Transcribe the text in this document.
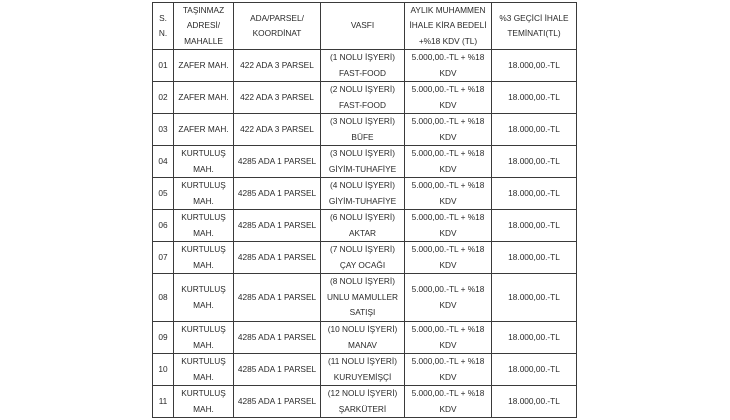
S.
N.	TAŞINMAZ
ADRESİ/
MAHALLE	ADA/PARSEL/
KOORDİNAT	VASFI	AYLIK MUHAMMEN
İHALE KİRA BEDELİ
+%18 KDV (TL)	%3 GEÇİCİ İHALE
TEMİNATI(TL)

01	ZAFER MAH.	422 ADA 3 PARSEL	(1 NOLU İŞYERİ)
FAST-FOOD	5.000,00.-TL + %18
KDV	18.000,00.-TL
02	ZAFER MAH.	422 ADA 3 PARSEL	(2 NOLU İŞYERİ)
FAST-FOOD	5.000,00.-TL + %18
KDV	18.000,00.-TL
03	ZAFER MAH.	422 ADA 3 PARSEL	(3 NOLU İŞYERİ)
BÜFE	5.000,00.-TL + %18
KDV	18.000,00.-TL
04	KURTULUŞ
MAH.	4285 ADA 1 PARSEL	(3 NOLU İŞYERİ)
GİYİM-TUHAFİYE	5.000,00.-TL + %18
KDV	18.000,00.-TL
05	KURTULUŞ
MAH.	4285 ADA 1 PARSEL	(4 NOLU İŞYERİ)
GİYİM-TUHAFİYE	5.000,00.-TL + %18
KDV	18.000,00.-TL
06	KURTULUŞ
MAH.	4285 ADA 1 PARSEL	(6 NOLU İŞYERİ)
AKTAR	5.000,00.-TL + %18
KDV	18.000,00.-TL
07	KURTULUŞ
MAH.	4285 ADA 1 PARSEL	(7 NOLU İŞYERİ)
ÇAY OCAĞI	5.000,00.-TL + %18
KDV	18.000,00.-TL
08	KURTULUŞ
MAH.	4285 ADA 1 PARSEL	(8 NOLU İŞYERİ)
UNLU MAMULLER
SATIŞI	5.000,00.-TL + %18
KDV	18.000,00.-TL
09	KURTULUŞ
MAH.	4285 ADA 1 PARSEL	(10 NOLU İŞYERİ)
MANAV	5.000,00.-TL + %18
KDV	18.000,00.-TL
10	KURTULUŞ
MAH.	4285 ADA 1 PARSEL	(11 NOLU İŞYERİ)
KURUYEMİŞÇİ	5.000,00.-TL + %18
KDV	18.000,00.-TL
11	KURTULUŞ
MAH.	4285 ADA 1 PARSEL	(12 NOLU İŞYERİ)
ŞARKÜTERİ	5.000,00.-TL + %18
KDV	18.000,00.-TL
